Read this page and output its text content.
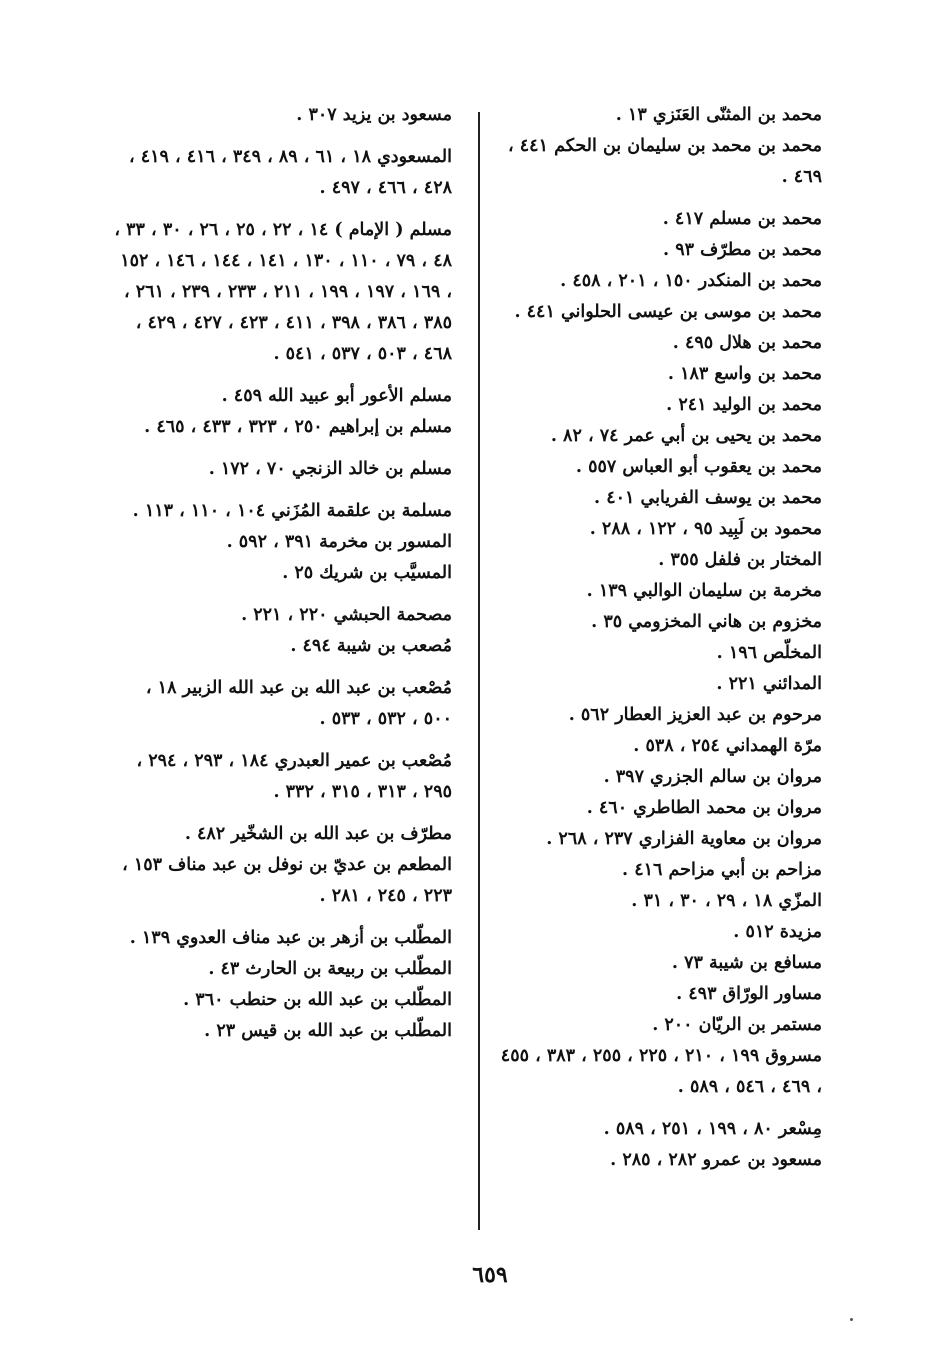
محمد بن المثنّى العَنَزي ١٣ .

محمد بن محمد بن سليمان بن الحكم ٤٤١ ، ٤٦٩ .

محمد بن مسلم ٤١٧ .

محمد بن مطرّف ٩٣ .

محمد بن المنكدر ١٥٠ ، ٢٠١ ، ٤٥٨ .

محمد بن موسى بن عيسى الحلواني ٤٤١ .

محمد بن هلال ٤٩٥ .

محمد بن واسع ١٨٣ .

محمد بن الوليد ٢٤١ .

محمد بن يحيى بن أبي عمر ٧٤ ، ٨٢ .

محمد بن يعقوب أبو العباس ٥٥٧ .

محمد بن يوسف الفريابي ٤٠١ .

محمود بن لَبِيد ٩٥ ، ١٢٢ ، ٢٨٨ .

المختار بن فلفل ٣٥٥ .

مخرمة بن سليمان الوالبي ١٣٩ .

مخزوم بن هاني المخزومي ٣٥ .

المخلّص ١٩٦ .

المدائني ٢٢١ .

مرحوم بن عبد العزيز العطار ٥٦٢ .

مرّة الهمداني ٢٥٤ ، ٥٣٨ .

مروان بن سالم الجزري ٣٩٧ .

مروان بن محمد الطاطري ٤٦٠ .

مروان بن معاوية الفزاري ٢٣٧ ، ٢٦٨ .

مزاحم بن أبي مزاحم ٤١٦ .

المزّي ١٨ ، ٢٩ ، ٣٠ ، ٣١ .

مزيدة ٥١٢ .

مسافع بن شيبة ٧٣ .

مساور الورّاق ٤٩٣ .

مستمر بن الريّان ٢٠٠ .

مسروق ١٩٩ ، ٢١٠ ، ٢٢٥ ، ٢٥٥ ، ٣٨٣ ، ٤٥٥ ، ٤٦٩ ، ٥٤٦ ، ٥٨٩ .

مِسْعر ٨٠ ، ١٩٩ ، ٢٥١ ، ٥٨٩ .

مسعود بن عمرو ٢٨٢ ، ٢٨٥ .

مسعود بن يزيد ٣٠٧ .

المسعودي ١٨ ، ٦١ ، ٨٩ ، ٣٤٩ ، ٤١٦ ، ٤١٩ ، ٤٢٨ ، ٤٦٦ ، ٤٩٧ .

مسلم ( الإمام ) ١٤ ، ٢٢ ، ٢٥ ، ٢٦ ، ٣٠ ، ٣٣ ، ٤٨ ، ٧٩ ، ١١٠ ، ١٣٠ ، ١٤١ ، ١٤٤ ، ١٤٦ ، ١٥٢ ، ١٦٩ ، ١٩٧ ، ١٩٩ ، ٢١١ ، ٢٣٣ ، ٢٣٩ ، ٢٦١ ، ٣٨٥ ، ٣٨٦ ، ٣٩٨ ، ٤١١ ، ٤٢٣ ، ٤٢٧ ، ٤٢٩ ، ٤٦٨ ، ٥٠٣ ، ٥٣٧ ، ٥٤١ .

مسلم الأعور أبو عبيد الله ٤٥٩ .

مسلم بن إبراهيم ٢٥٠ ، ٣٢٣ ، ٤٣٣ ، ٤٦٥ .

مسلم بن خالد الزنجي ٧٠ ، ١٧٢ .

مسلمة بن علقمة المُزَني ١٠٤ ، ١١٠ ، ١١٣ .

المسور بن مخرمة ٣٩١ ، ٥٩٢ .

المسيَّب بن شريك ٢٥ .

مصحمة الحبشي ٢٢٠ ، ٢٢١ .

مُصعب بن شيبة ٤٩٤ .

مُصْعب بن عبد الله بن عبد الله الزبير ١٨ ، ٥٠٠ ، ٥٣٢ ، ٥٣٣ .

مُصْعب بن عمير العبدري ١٨٤ ، ٢٩٣ ، ٢٩٤ ، ٢٩٥ ، ٣١٣ ، ٣١٥ ، ٣٣٢ .

مطرّف بن عبد الله بن الشخّير ٤٨٢ .

المطعم بن عديّ بن نوفل بن عبد مناف ١٥٣ ، ٢٢٣ ، ٢٤٥ ، ٢٨١ .

المطّلب بن أزهر بن عبد مناف العدوي ١٣٩ .

المطّلب بن ربيعة بن الحارث ٤٣ .

المطّلب بن عبد الله بن حنطب ٣٦٠ .

المطّلب بن عبد الله بن قيس ٢٣ .

٦٥٩
